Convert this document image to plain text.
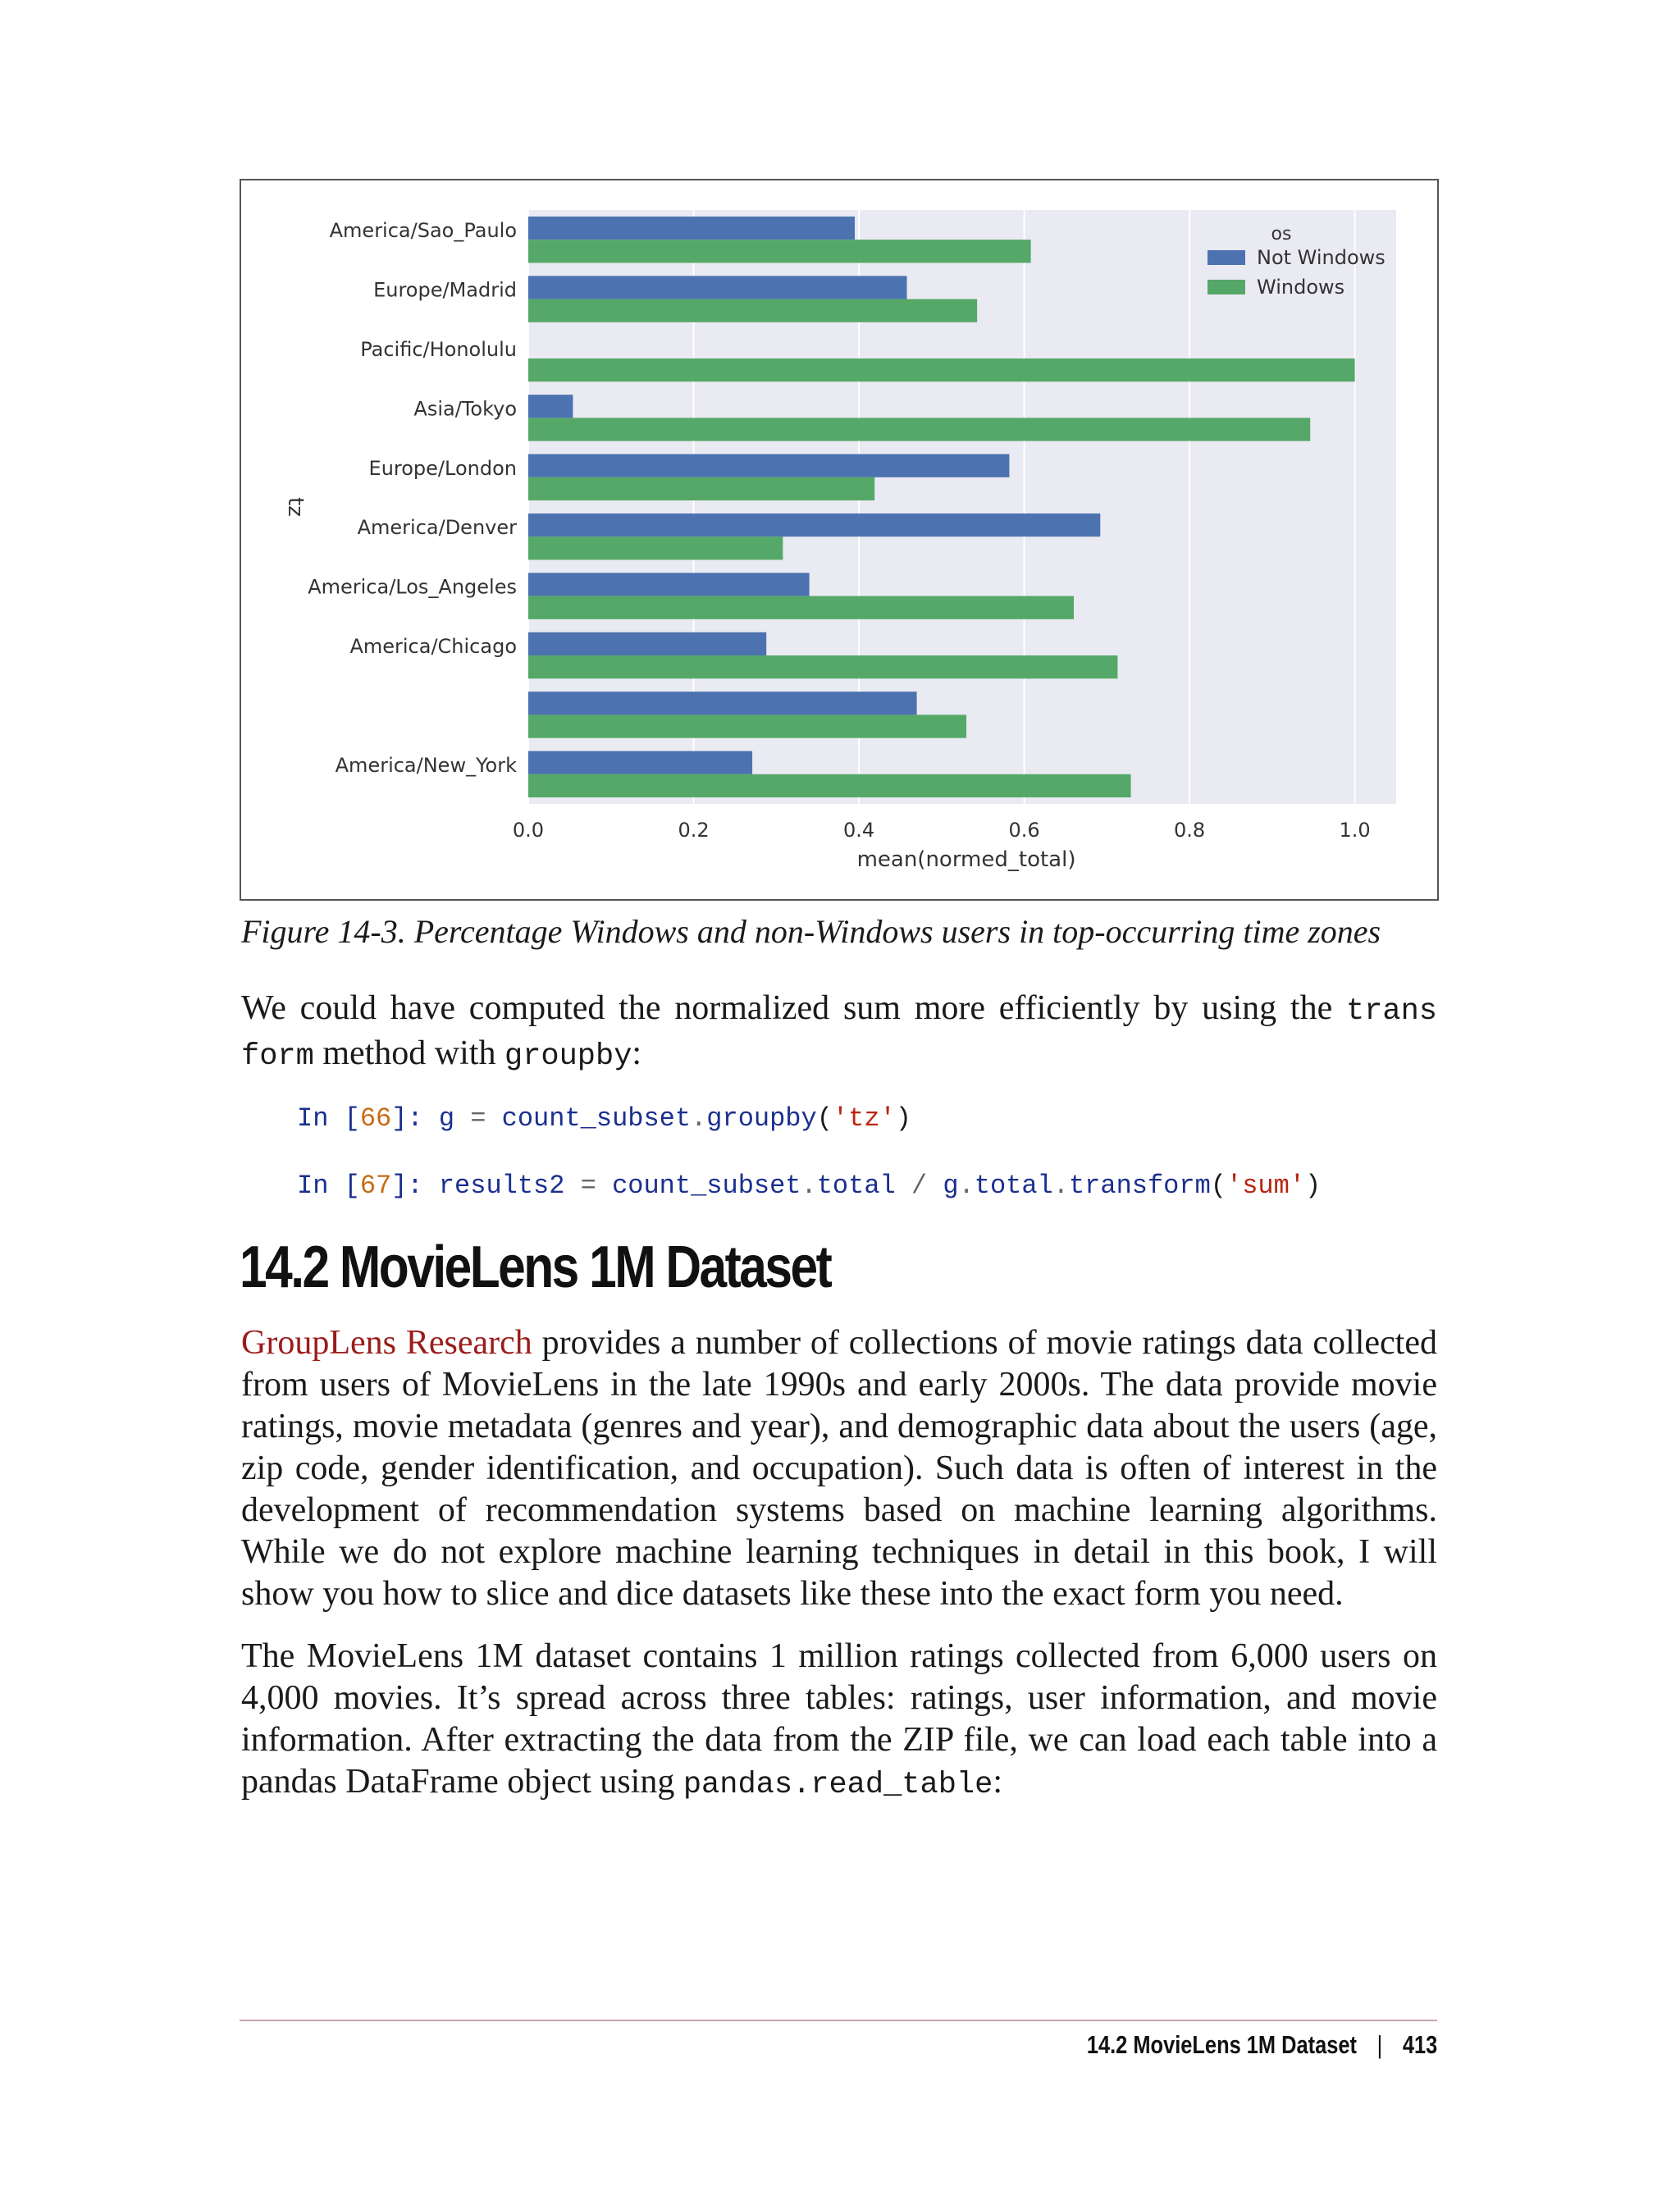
America/Sao_Paulo
Europe/Madrid
Pacific/Honolulu
Asia/Tokyo
Europe/London
America/Denver
America/Los_Angeles
America/Chicago
America/New_York
0.0	0.2	0.4	0.6	0.8	1.0
mean(normed_total)
tz
os
Not Windows
Windows
Figure 14-3. Percentage Windows and non-Windows users in top-occurring time zones
We could have computed the normalized sum more efficiently by using the trans form method with groupby:
In [66]: g = count_subset.groupby('tz')
In [67]: results2 = count_subset.total / g.total.transform('sum')
14.2 MovieLens 1M Dataset
GroupLens Research provides a number of collections of movie ratings data collected from users of MovieLens in the late 1990s and early 2000s. The data provide movie ratings, movie metadata (genres and year), and demographic data about the users (age, zip code, gender identification, and occupation). Such data is often of interest in the development of recommendation systems based on machine learning algorithms. While we do not explore machine learning techniques in detail in this book, I will show you how to slice and dice datasets like these into the exact form you need.
The MovieLens 1M dataset contains 1 million ratings collected from 6,000 users on 4,000 movies. It’s spread across three tables: ratings, user information, and movie information. After extracting the data from the ZIP file, we can load each table into a pandas DataFrame object using pandas.read_table:
14.2 MovieLens 1M Dataset | 413
